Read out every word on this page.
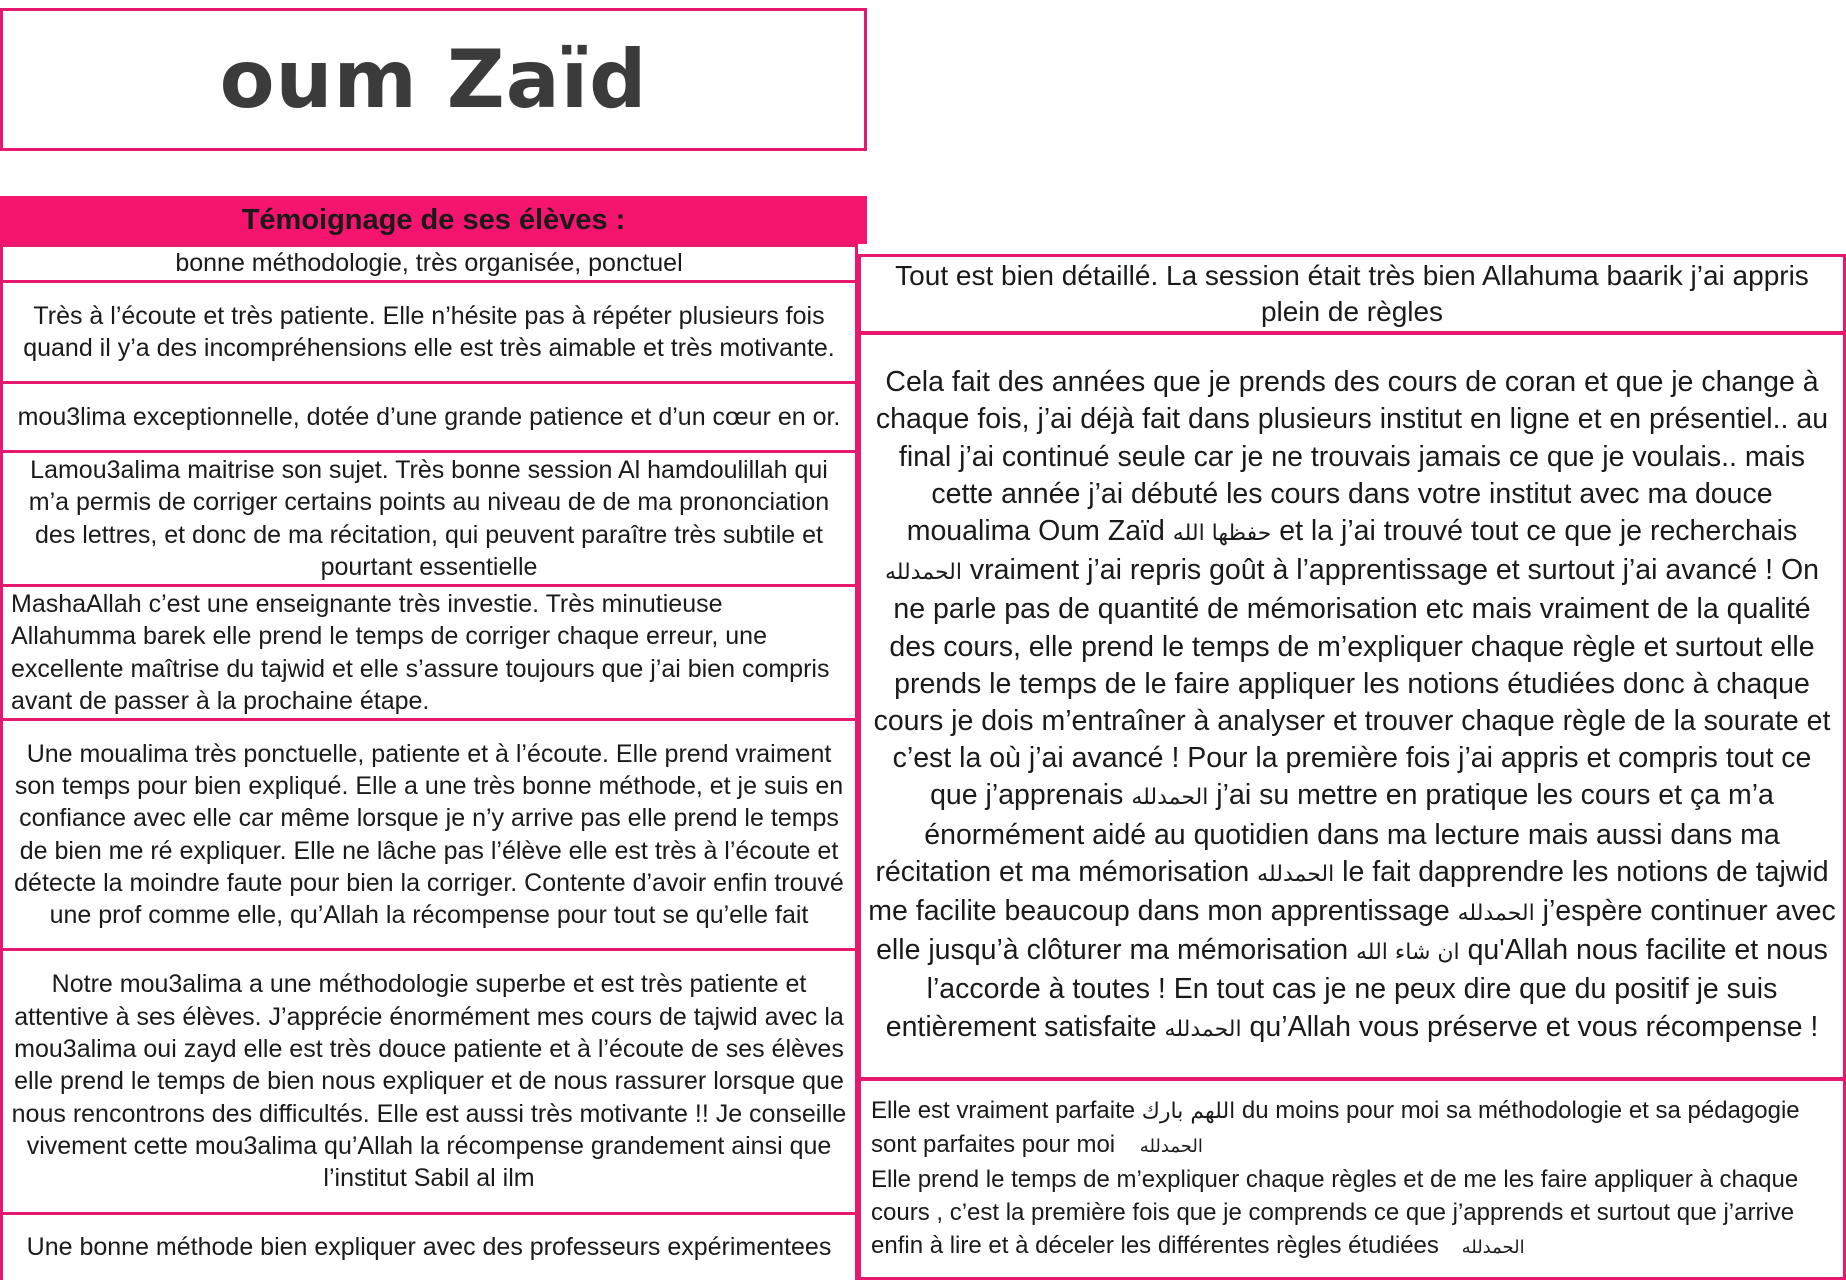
oum Zaïd
Témoignage de ses élèves :

bonne méthodologie, très organisée, ponctuel

Très à l’écoute et très patiente. Elle n’hésite pas à répéter plusieurs fois quand il y’a des incompréhensions elle est très aimable et très motivante.

mou3lima exceptionnelle, dotée d’une grande patience et d’un cœur en or.

Lamou3alima maitrise son sujet. Très bonne session Al hamdoulillah qui m’a permis de corriger certains points au niveau de de ma prononciation des lettres, et donc de ma récitation, qui peuvent paraître très subtile et pourtant essentielle

MashaAllah c’est une enseignante très investie. Très minutieuse Allahumma barek elle prend le temps de corriger chaque erreur, une excellente maîtrise du tajwid et elle s’assure toujours que j’ai bien compris avant de passer à la prochaine étape.

Une moualima très ponctuelle, patiente et à l’écoute. Elle prend vraiment son temps pour bien expliqué. Elle a une très bonne méthode, et je suis en confiance avec elle car même lorsque je n’y arrive pas elle prend le temps de bien me ré expliquer. Elle ne lâche pas l’élève elle est très à l’écoute et détecte la moindre faute pour bien la corriger. Contente d’avoir enfin trouvé une prof comme elle, qu’Allah la récompense pour tout se qu’elle fait

Notre mou3alima a une méthodologie superbe et est très patiente et attentive à ses élèves. J’apprécie énormément mes cours de tajwid avec la mou3alima oui zayd elle est très douce patiente et à l’écoute de ses élèves elle prend le temps de bien nous expliquer et de nous rassurer lorsque que nous rencontrons des difficultés. Elle est aussi très motivante !! Je conseille vivement cette mou3alima qu’Allah la récompense grandement ainsi que l’institut Sabil al ilm

Une bonne méthode bien expliquer avec des professeurs expérimentees

Tout est bien détaillé. La session était très bien Allahuma baarik j’ai appris plein de règles

Cela fait des années que je prends des cours de coran et que je change à chaque fois, j’ai déjà fait dans plusieurs institut en ligne et en présentiel.. au final j’ai continué seule car je ne trouvais jamais ce que je voulais.. mais cette année j’ai débuté les cours dans votre institut avec ma douce moualima Oum Zaïd حفظها الله et la j’ai trouvé tout ce que je recherchais الحمدلله vraiment j’ai repris goût à l’apprentissage et surtout j’ai avancé ! On ne parle pas de quantité de mémorisation etc mais vraiment de la qualité des cours, elle prend le temps de m’expliquer chaque règle et surtout elle prends le temps de le faire appliquer les notions étudiées donc à chaque cours je dois m’entraîner à analyser et trouver chaque règle de la sourate et c’est la où j’ai avancé ! Pour la première fois j’ai appris et compris tout ce que j’apprenais الحمدلله j’ai su mettre en pratique les cours et ça m’a énormément aidé au quotidien dans ma lecture mais aussi dans ma récitation et ma mémorisation الحمدلله le fait dapprendre les notions de tajwid me facilite beaucoup dans mon apprentissage الحمدلله j’espère continuer avec elle jusqu’à clôturer ma mémorisation ان شاء الله qu'Allah nous facilite et nous l’accorde à toutes ! En tout cas je ne peux dire que du positif je suis entièrement satisfaite الحمدلله qu’Allah vous préserve et vous récompense !

Elle est vraiment parfaite اللهم بارك du moins pour moi sa méthodologie et sa pédagogie sont parfaites pour moi الحمدلله
Elle prend le temps de m’expliquer chaque règles et de me les faire appliquer à chaque cours , c’est la première fois que je comprends ce que j’apprends et surtout que j’arrive enfin à lire et à déceler les différentes règles étudiées الحمدلله
